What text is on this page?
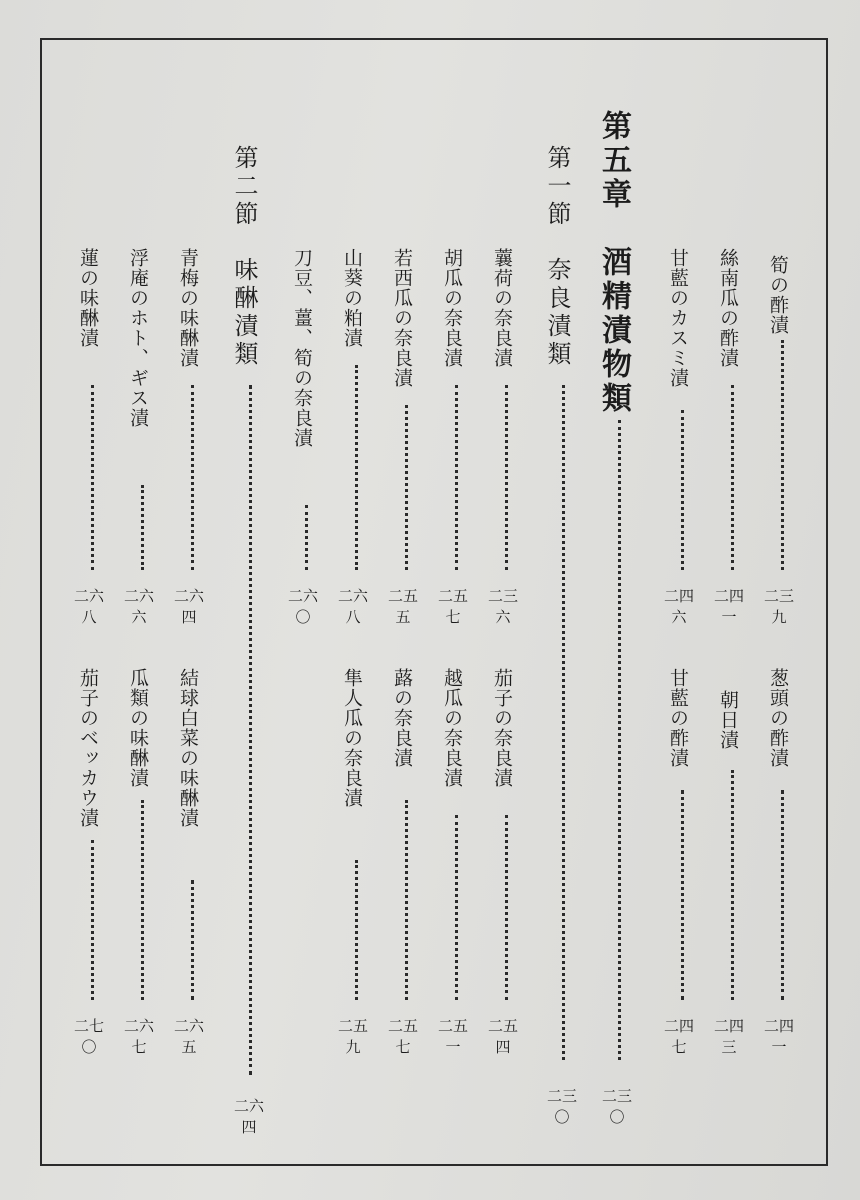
筍の酢漬
二三九
葱頭の酢漬
二四一
絲南瓜の酢漬
二四一
朝日漬
二四三
甘藍のカスミ漬
二四六
甘藍の酢漬
二四七
第五章　酒精漬物類
二三〇
第一節　奈良漬類
二三〇
蘘荷の奈良漬
二三六
茄子の奈良漬
二五四
胡瓜の奈良漬
二五七
越瓜の奈良漬
二五一
若西瓜の奈良漬
二五五
蕗の奈良漬
二五七
山葵の粕漬
二六八
隼人瓜の奈良漬
二五九
刀豆、薑、筍の奈良漬
二六〇
第二節　味醂漬類
二六四
青梅の味醂漬
二六四
結球白菜の味醂漬
二六五
浮庵のホト、ギス漬
二六六
瓜類の味醂漬
二六七
蓮の味醂漬
二六八
茄子のベッカウ漬
二七〇
